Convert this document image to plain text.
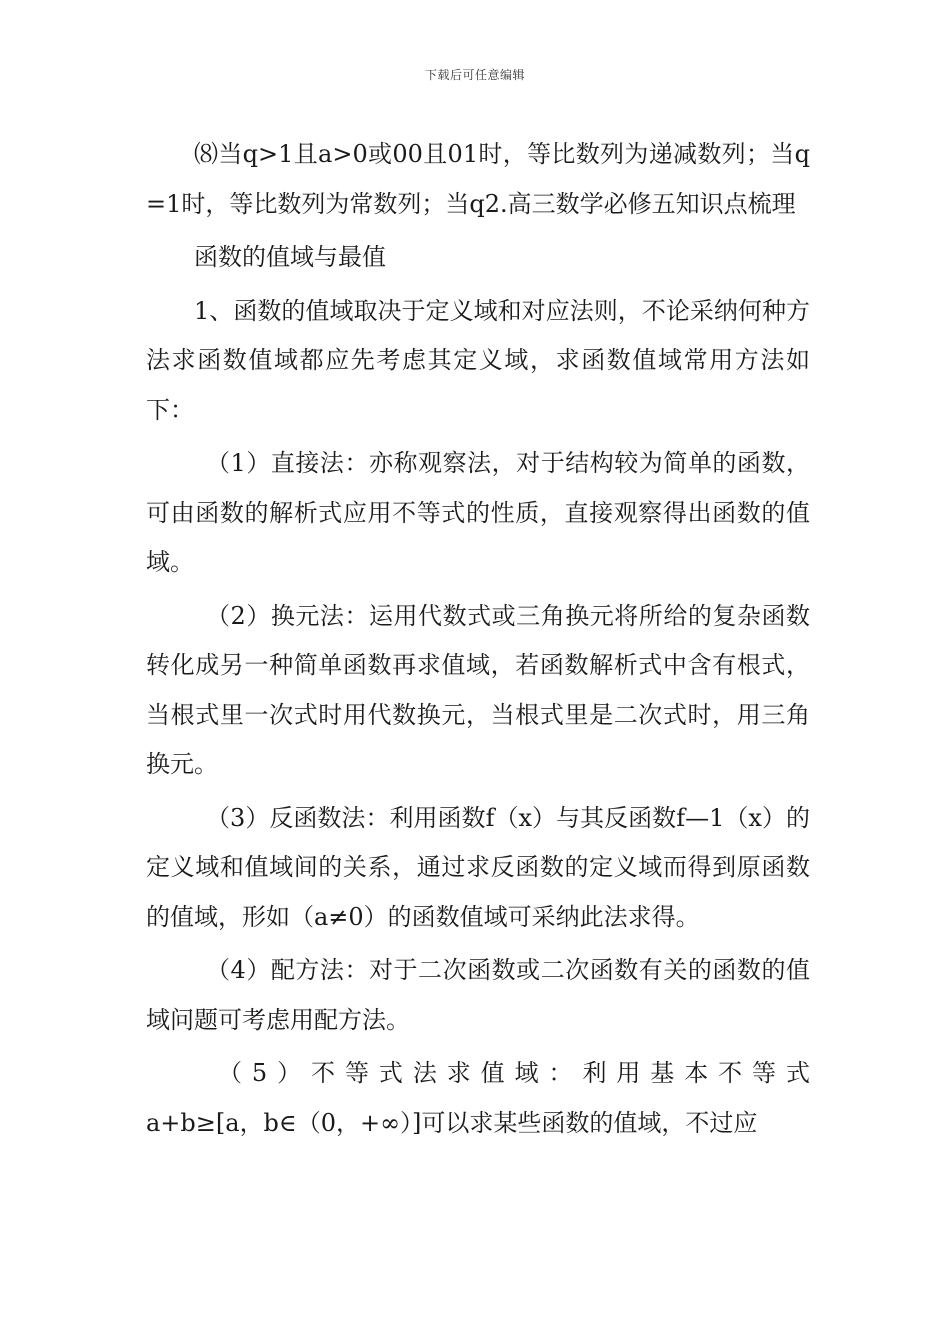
下载后可任意编辑

⑻当q>1且a>0或00且01时，等比数列为递减数列；当q=1时，等比数列为常数列；当q2.高三数学必修五知识点梳理

函数的值域与最值

1、函数的值域取决于定义域和对应法则，不论采纳何种方法求函数值域都应先考虑其定义域，求函数值域常用方法如下：

（1）直接法：亦称观察法，对于结构较为简单的函数，可由函数的解析式应用不等式的性质，直接观察得出函数的值域。

（2）换元法：运用代数式或三角换元将所给的复杂函数转化成另一种简单函数再求值域，若函数解析式中含有根式，当根式里一次式时用代数换元，当根式里是二次式时，用三角换元。

（3）反函数法：利用函数f（x）与其反函数f—1（x）的定义域和值域间的关系，通过求反函数的定义域而得到原函数的值域，形如（a≠0）的函数值域可采纳此法求得。

（4）配方法：对于二次函数或二次函数有关的函数的值域问题可考虑用配方法。

（5）不等式法求值域：利用基本不等式
a+b≥[a，b∈（0，+∞）]可以求某些函数的值域，不过应
